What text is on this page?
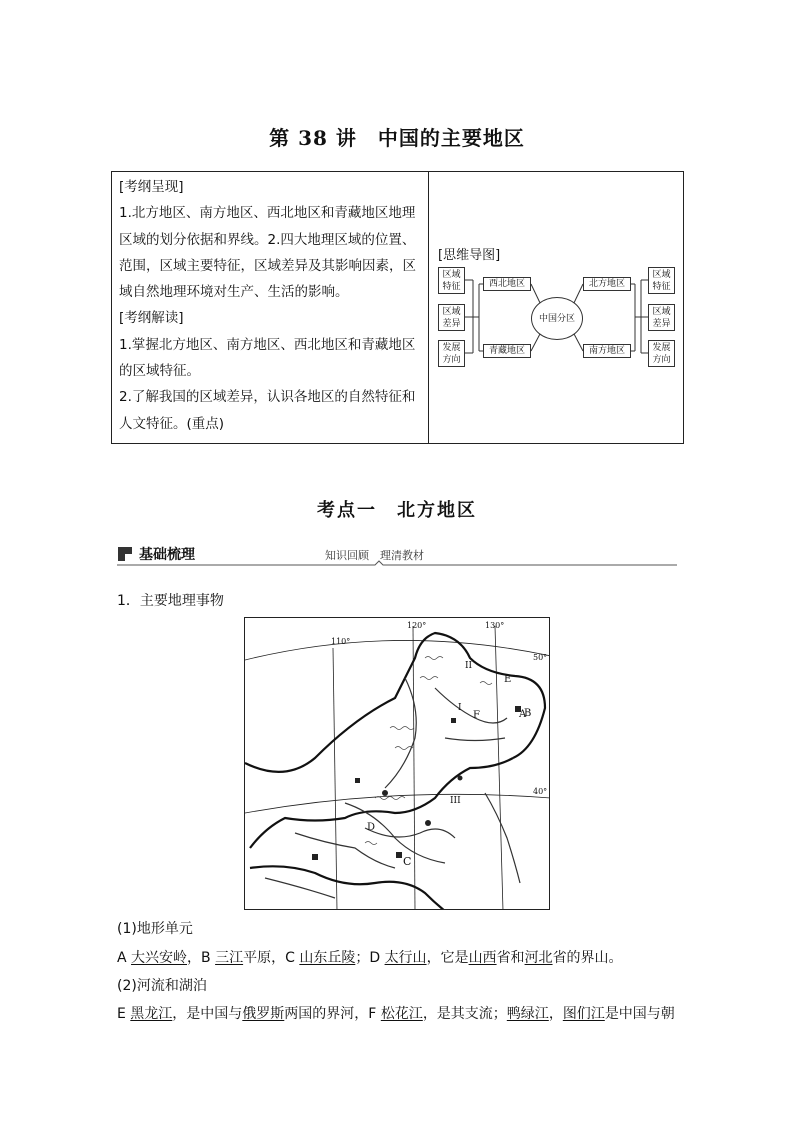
第 38 讲　中国的主要地区

[考纲呈现]

1.北方地区、南方地区、西北地区和青藏地区地理区域的划分依据和界线。2.四大地理区域的位置、范围，区域主要特征，区域差异及其影响因素，区域自然地理环境对生产、生活的影响。

[考纲解读]

1.掌握北方地区、南方地区、西北地区和青藏地区的区域特征。

2.了解我国的区域差异，认识各地区的自然特征和人文特征。(重点)

[思维导图]
区域特征
区域差异
发展方向
西北地区	北方地区
青藏地区	南方地区
中国分区
区域特征
区域差异
发展方向
考点一　北方地区
基础梳理	知识回顾　理清教材
1．主要地理事物
110°
120°	130°
50°
40°
A
B
C
D
E
F
I
II
III
(1)地形单元
A 大兴安岭，B 三江平原，C 山东丘陵；D 太行山，它是山西省和河北省的界山。
(2)河流和湖泊
E 黑龙江，是中国与俄罗斯两国的界河，F 松花江，是其支流；鸭绿江，图们江是中国与朝
